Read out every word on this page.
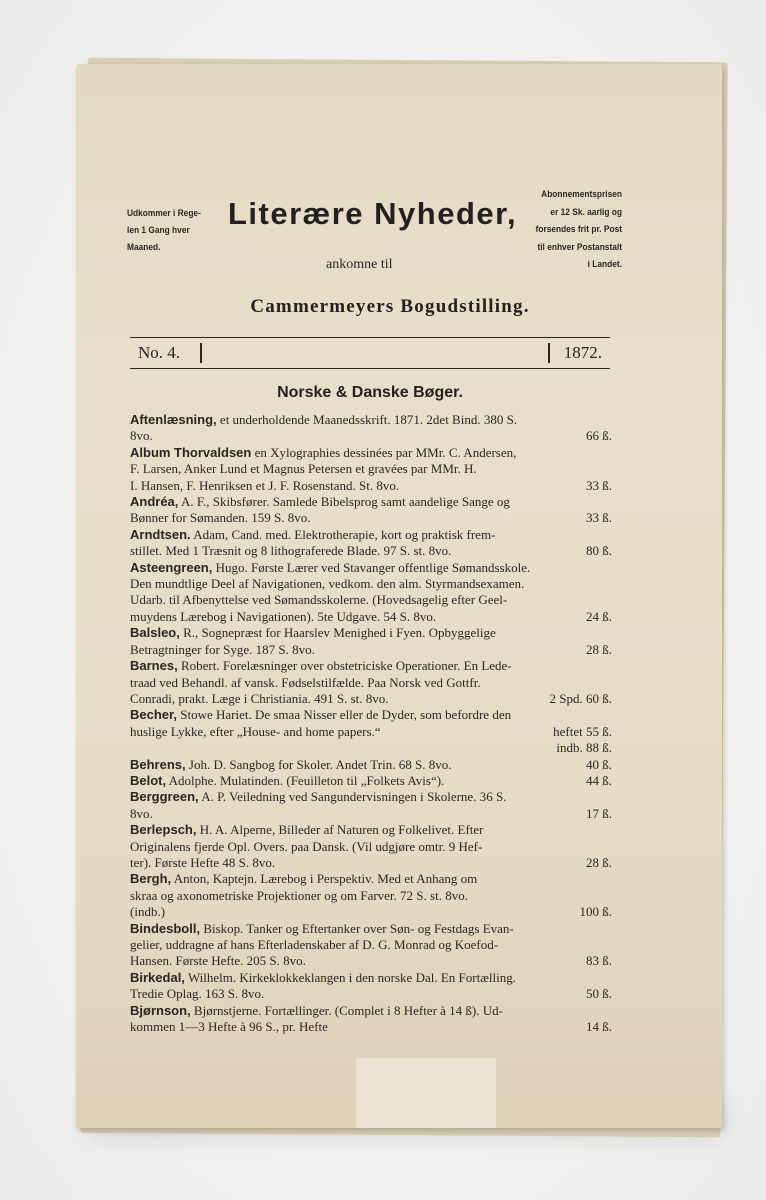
Udkommer i Rege-
len 1 Gang hver
Maaned.
Literære Nyheder,
Abonnementsprisen
er 12 Sk. aarlig og
forsendes frit pr. Post
til enhver Postanstalt
i Landet.
ankomne til
Cammermeyers Bogudstilling.
No. 4.	1872.
Norske & Danske Bøger.
Aftenlæsning, et underholdende Maanedsskrift. 1871. 2det Bind. 380 S.
8vo.	66 ß.
Album Thorvaldsen en Xylographies dessinées par MMr. C. Andersen,
F. Larsen, Anker Lund et Magnus Petersen et gravées par MMr. H.
I. Hansen, F. Henriksen et J. F. Rosenstand. St. 8vo.	33 ß.
Andréa, A. F., Skibsfører. Samlede Bibelsprog samt aandelige Sange og
Bønner for Sømanden. 159 S. 8vo.	33 ß.
Arndtsen. Adam, Cand. med. Elektrotherapie, kort og praktisk frem-
stillet. Med 1 Træsnit og 8 lithograferede Blade. 97 S. st. 8vo.	80 ß.
Asteengreen, Hugo. Første Lærer ved Stavanger offentlige Sømandsskole.
Den mundtlige Deel af Navigationen, vedkom. den alm. Styrmandsexamen.
Udarb. til Afbenyttelse ved Sømandsskolerne. (Hovedsagelig efter Geel-
muydens Lærebog i Navigationen). 5te Udgave. 54 S. 8vo.	24 ß.
Balsleo, R., Sognepræst for Haarslev Menighed i Fyen. Opbyggelige
Betragtninger for Syge. 187 S. 8vo.	28 ß.
Barnes, Robert. Forelæsninger over obstetriciske Operationer. En Lede-
traad ved Behandl. af vansk. Fødselstilfælde. Paa Norsk ved Gottfr.
Conradi, prakt. Læge i Christiania. 491 S. st. 8vo.	2 Spd. 60 ß.
Becher, Stowe Hariet. De smaa Nisser eller de Dyder, som befordre den
huslige Lykke, efter „House- and home papers.“	heftet 55 ß.
indb. 88 ß.
Behrens, Joh. D. Sangbog for Skoler. Andet Trin. 68 S. 8vo.	40 ß.
Belot, Adolphe. Mulatinden. (Feuilleton til „Folkets Avis“).	44 ß.
Berggreen, A. P. Veiledning ved Sangundervisningen i Skolerne. 36 S.
8vo.	17 ß.
Berlepsch, H. A. Alperne, Billeder af Naturen og Folkelivet. Efter
Originalens fjerde Opl. Overs. paa Dansk. (Vil udgjøre omtr. 9 Hef-
ter). Første Hefte 48 S. 8vo.	28 ß.
Bergh, Anton, Kaptejn. Lærebog i Perspektiv. Med et Anhang om
skraa og axonometriske Projektioner og om Farver. 72 S. st. 8vo.
(indb.)	100 ß.
Bindesboll, Biskop. Tanker og Eftertanker over Søn- og Festdags Evan-
gelier, uddragne af hans Efterladenskaber af D. G. Monrad og Koefod-
Hansen. Første Hefte. 205 S. 8vo.	83 ß.
Birkedal, Wilhelm. Kirkeklokkeklangen i den norske Dal. En Fortælling.
Tredie Oplag. 163 S. 8vo.	50 ß.
Bjørnson, Bjørnstjerne. Fortællinger. (Complet i 8 Hefter à 14 ß). Ud-
kommen 1—3 Hefte à 96 S., pr. Hefte	14 ß.
